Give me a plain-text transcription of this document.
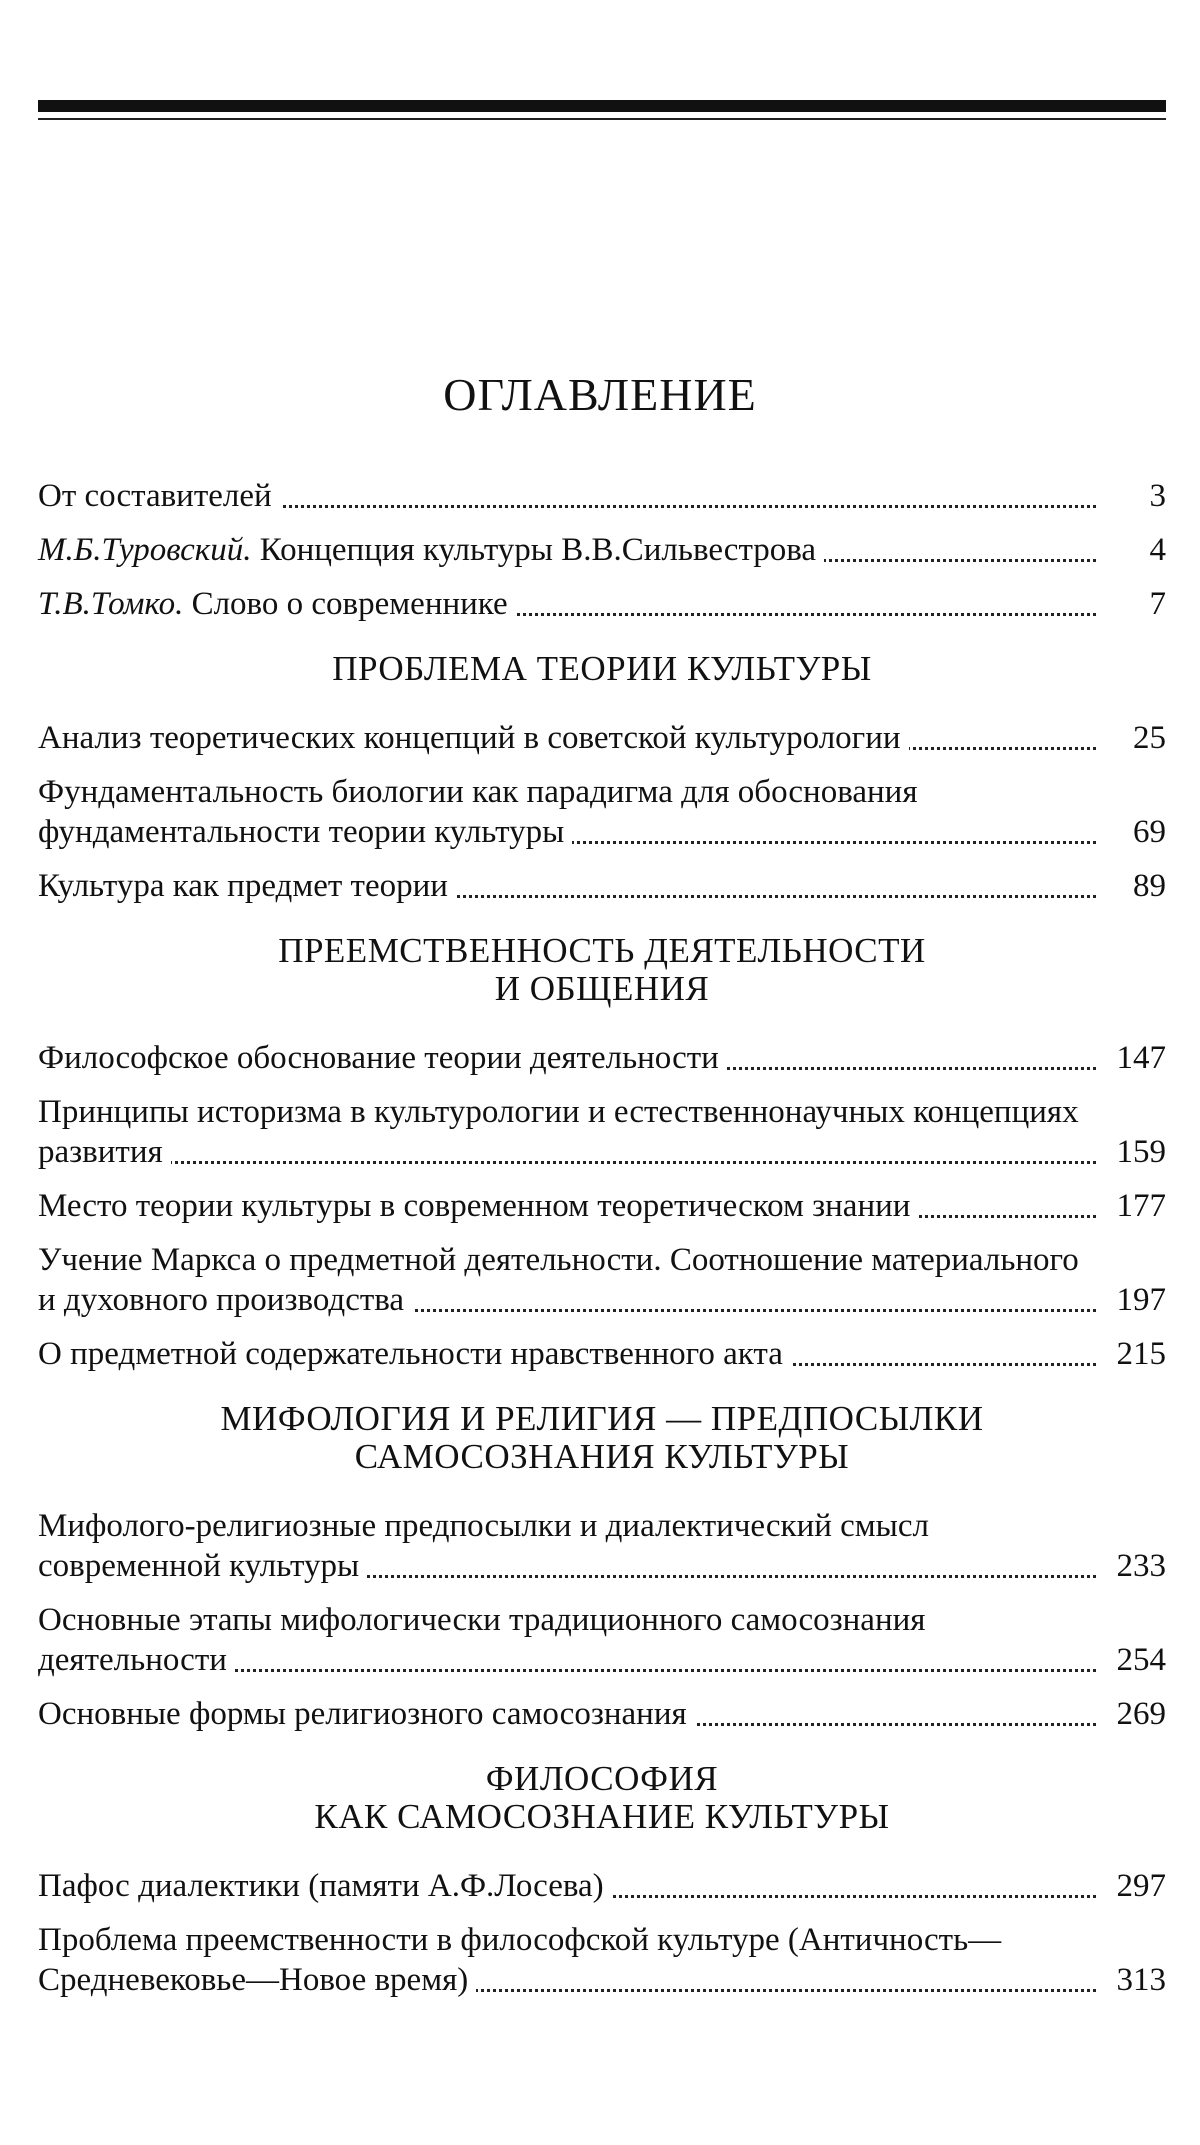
ОГЛАВЛЕНИЕ
От составителей	3
М.Б.Туровский. Концепция культуры В.В.Сильвестрова	4
Т.В.Томко. Слово о современнике	7
ПРОБЛЕМА ТЕОРИИ КУЛЬТУРЫ
Анализ теоретических концепций в советской культурологии	25
Фундаментальность биологии как парадигма для обоснования фундаментальности теории культуры	69
Культура как предмет теории	89
ПРЕЕМСТВЕННОСТЬ ДЕЯТЕЛЬНОСТИ
И ОБЩЕНИЯ
Философское обоснование теории деятельности	147
Принципы историзма в культурологии и естественнонаучных концепциях развития	159
Место теории культуры в современном теоретическом знании	177
Учение Маркса о предметной деятельности. Соотношение материального и духовного производства	197
О предметной содержательности нравственного акта	215
МИФОЛОГИЯ И РЕЛИГИЯ — ПРЕДПОСЫЛКИ
САМОСОЗНАНИЯ КУЛЬТУРЫ
Мифолого-религиозные предпосылки и диалектический смысл современной культуры	233
Основные этапы мифологически традиционного самосознания деятельности	254
Основные формы религиозного самосознания	269
ФИЛОСОФИЯ
КАК САМОСОЗНАНИЕ КУЛЬТУРЫ
Пафос диалектики (памяти А.Ф.Лосева)	297
Проблема преемственности в философской культуре (Античность—Средневековье—Новое время)	313
